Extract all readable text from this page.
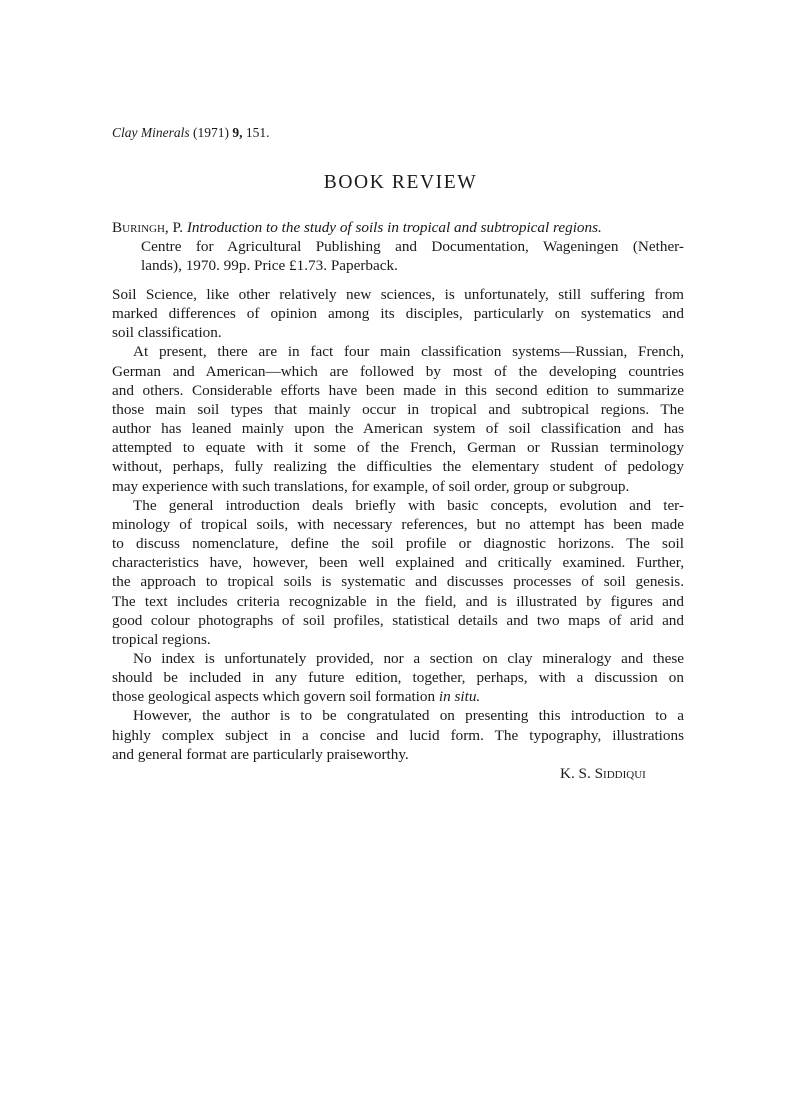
Clay Minerals (1971) 9, 151.
BOOK REVIEW
Buringh, P. Introduction to the study of soils in tropical and subtropical regions.
Centre for Agricultural Publishing and Documentation, Wageningen (Nether-
lands), 1970. 99p. Price £1.73. Paperback.
Soil Science, like other relatively new sciences, is unfortunately, still suffering from
marked differences of opinion among its disciples, particularly on systematics and
soil classification.
At present, there are in fact four main classification systems—Russian, French,
German and American—which are followed by most of the developing countries
and others. Considerable efforts have been made in this second edition to summarize
those main soil types that mainly occur in tropical and subtropical regions. The
author has leaned mainly upon the American system of soil classification and has
attempted to equate with it some of the French, German or Russian terminology
without, perhaps, fully realizing the difficulties the elementary student of pedology
may experience with such translations, for example, of soil order, group or subgroup.
The general introduction deals briefly with basic concepts, evolution and ter-
minology of tropical soils, with necessary references, but no attempt has been made
to discuss nomenclature, define the soil profile or diagnostic horizons. The soil
characteristics have, however, been well explained and critically examined. Further,
the approach to tropical soils is systematic and discusses processes of soil genesis.
The text includes criteria recognizable in the field, and is illustrated by figures and
good colour photographs of soil profiles, statistical details and two maps of arid and
tropical regions.
No index is unfortunately provided, nor a section on clay mineralogy and these
should be included in any future edition, together, perhaps, with a discussion on
those geological aspects which govern soil formation in situ.
However, the author is to be congratulated on presenting this introduction to a
highly complex subject in a concise and lucid form. The typography, illustrations
and general format are particularly praiseworthy.
K. S. Siddiqui
